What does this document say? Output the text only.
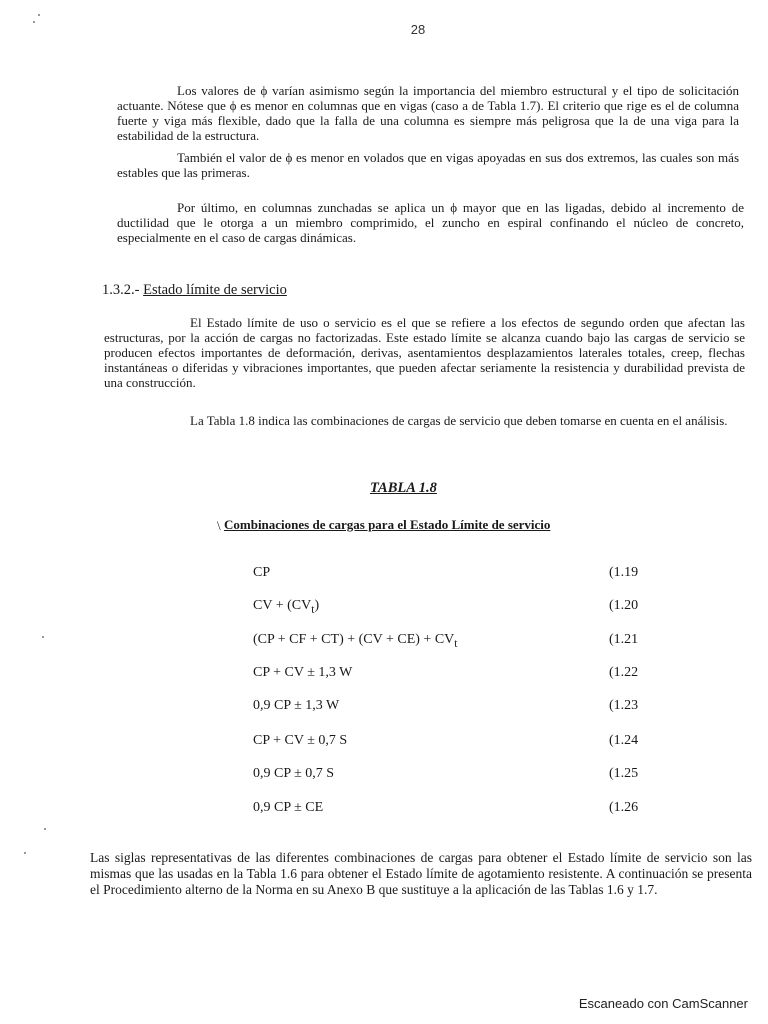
28

Los valores de ϕ varían asimismo según la importancia del miembro estructural y el tipo de solicitación actuante. Nótese que ϕ es menor en columnas que en vigas (caso a de Tabla 1.7). El criterio que rige es el de columna fuerte y viga más flexible, dado que la falla de una columna es siempre más peligrosa que la de una viga para la estabilidad de la estructura.

También el valor de ϕ es menor en volados que en vigas apoyadas en sus dos extremos, las cuales son más estables que las primeras.

Por último, en columnas zunchadas se aplica un ϕ mayor que en las ligadas, debido al incremento de ductilidad que le otorga a un miembro comprimido, el zuncho en espiral confinando el núcleo de concreto, especialmente en el caso de cargas dinámicas.

1.3.2.- Estado límite de servicio

El Estado límite de uso o servicio es el que se refiere a los efectos de segundo orden que afectan las estructuras, por la acción de cargas no factorizadas. Este estado límite se alcanza cuando bajo las cargas de servicio se producen efectos importantes de deformación, derivas, asentamientos desplazamientos laterales totales, creep, flechas instantáneas o diferidas y vibraciones importantes, que pueden afectar seriamente la resistencia y durabilidad prevista de una construcción.

La Tabla 1.8 indica las combinaciones de cargas de servicio que deben tomarse en cuenta en el análisis.

TABLA 1.8
\ Combinaciones de cargas para el Estado Límite de servicio
CP	(1.19
CV + $(CV_t)$	(1.20
(CP + CF + $CT) + (CV + CE) + CV_t$	(1.21
CP + CV ± 1,3 W	(1.22
0,9 CP ± 1,3 W	(1.23
CP + CV ± 0,7 S	(1.24
0,9 CP ± 0,7 S	(1.25
0,9 CP ± CE	(1.26

Las siglas representativas de las diferentes combinaciones de cargas para obtener el Estado límite de servicio son las mismas que las usadas en la Tabla 1.6 para obtener el Estado límite de agotamiento resistente. A continuación se presenta el Procedimiento alterno de la Norma en su Anexo B que sustituye a la aplicación de las Tablas 1.6 y 1.7.

Escaneado con CamScanner
